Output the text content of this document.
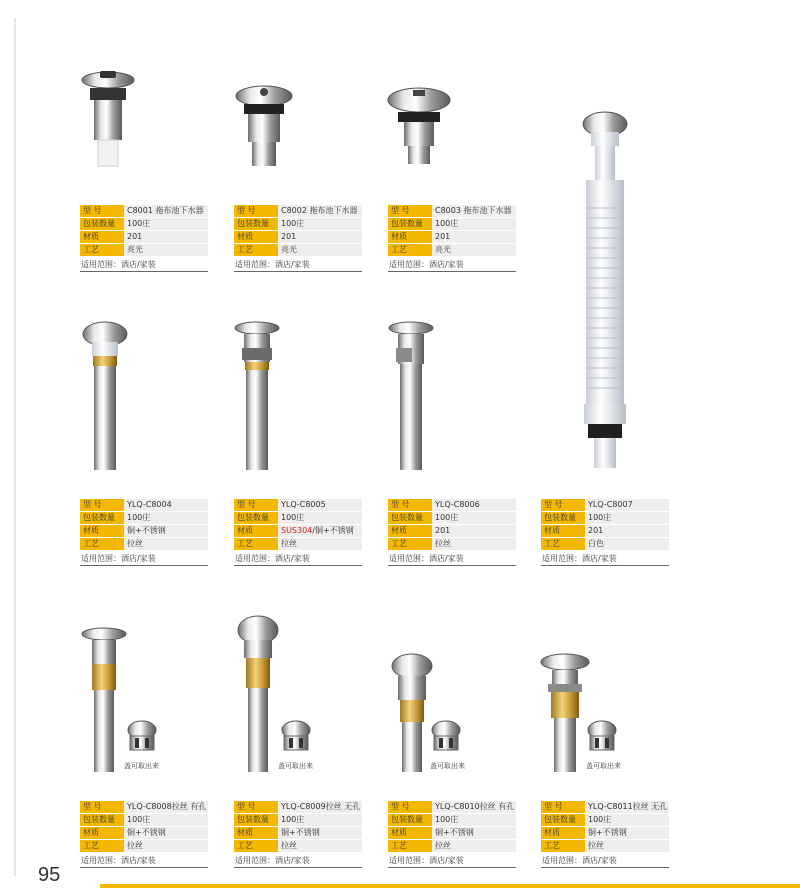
盖可取出来	盖可取出来	盖可取出来	盖可取出来
型 号	C8001 拖布池下水器
包装数量	100庄
材质	201
工艺	亮光
适用范围：酒店/家装
型 号	C8002 拖布池下水器
包装数量	100庄
材质	201
工艺	亮光
适用范围：酒店/家装
型 号	C8003 拖布池下水器
包装数量	100庄
材质	201
工艺	亮光
适用范围：酒店/家装
型 号	YLQ-C8004
包装数量	100庄
材质	铜+不锈钢
工艺	拉丝
适用范围：酒店/家装
型 号	YLQ-C8005
包装数量	100庄
材质	SUS304/铜+不锈钢
工艺	拉丝
适用范围：酒店/家装
型 号	YLQ-C8006
包装数量	100庄
材质	201
工艺	拉丝
适用范围：酒店/家装
型 号	YLQ-C8007
包装数量	100庄
材质	201
工艺	白色
适用范围：酒店/家装
型 号	YLQ-C8008拉丝 有孔
包装数量	100庄
材质	铜+不锈钢
工艺	拉丝
适用范围：酒店/家装
型 号	YLQ-C8009拉丝 无孔
包装数量	100庄
材质	铜+不锈钢
工艺	拉丝
适用范围：酒店/家装
型 号	YLQ-C8010拉丝 有孔
包装数量	100庄
材质	铜+不锈钢
工艺	拉丝
适用范围：酒店/家装
型 号	YLQ-C8011拉丝 无孔
包装数量	100庄
材质	铜+不锈钢
工艺	拉丝
适用范围：酒店/家装
95
